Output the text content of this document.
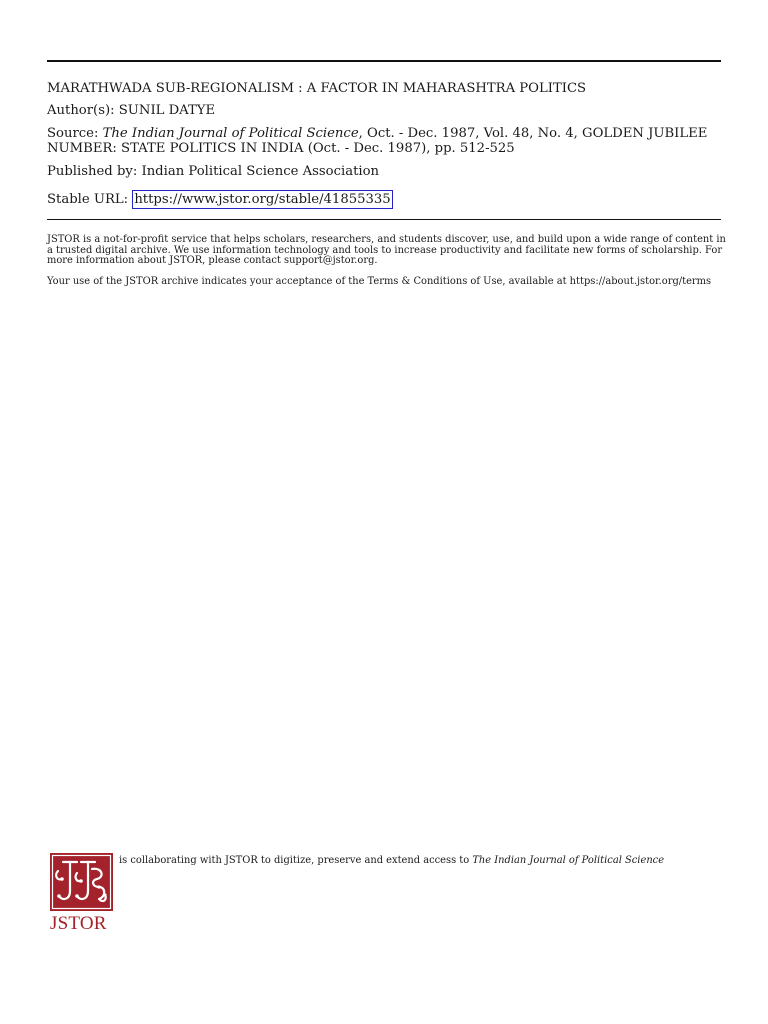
MARATHWADA SUB-REGIONALISM : A FACTOR IN MAHARASHTRA POLITICS
Author(s): SUNIL DATYE
Source: The Indian Journal of Political Science, Oct. - Dec. 1987, Vol. 48, No. 4, GOLDEN JUBILEE NUMBER: STATE POLITICS IN INDIA (Oct. - Dec. 1987), pp. 512-525
Published by: Indian Political Science Association
Stable URL: https://www.jstor.org/stable/41855335
JSTOR is a not-for-profit service that helps scholars, researchers, and students discover, use, and build upon a wide range of content in a trusted digital archive. We use information technology and tools to increase productivity and facilitate new forms of scholarship. For more information about JSTOR, please contact support@jstor.org.
Your use of the JSTOR archive indicates your acceptance of the Terms & Conditions of Use, available at https://about.jstor.org/terms
JSTOR
is collaborating with JSTOR to digitize, preserve and extend access to The Indian Journal of Political Science
